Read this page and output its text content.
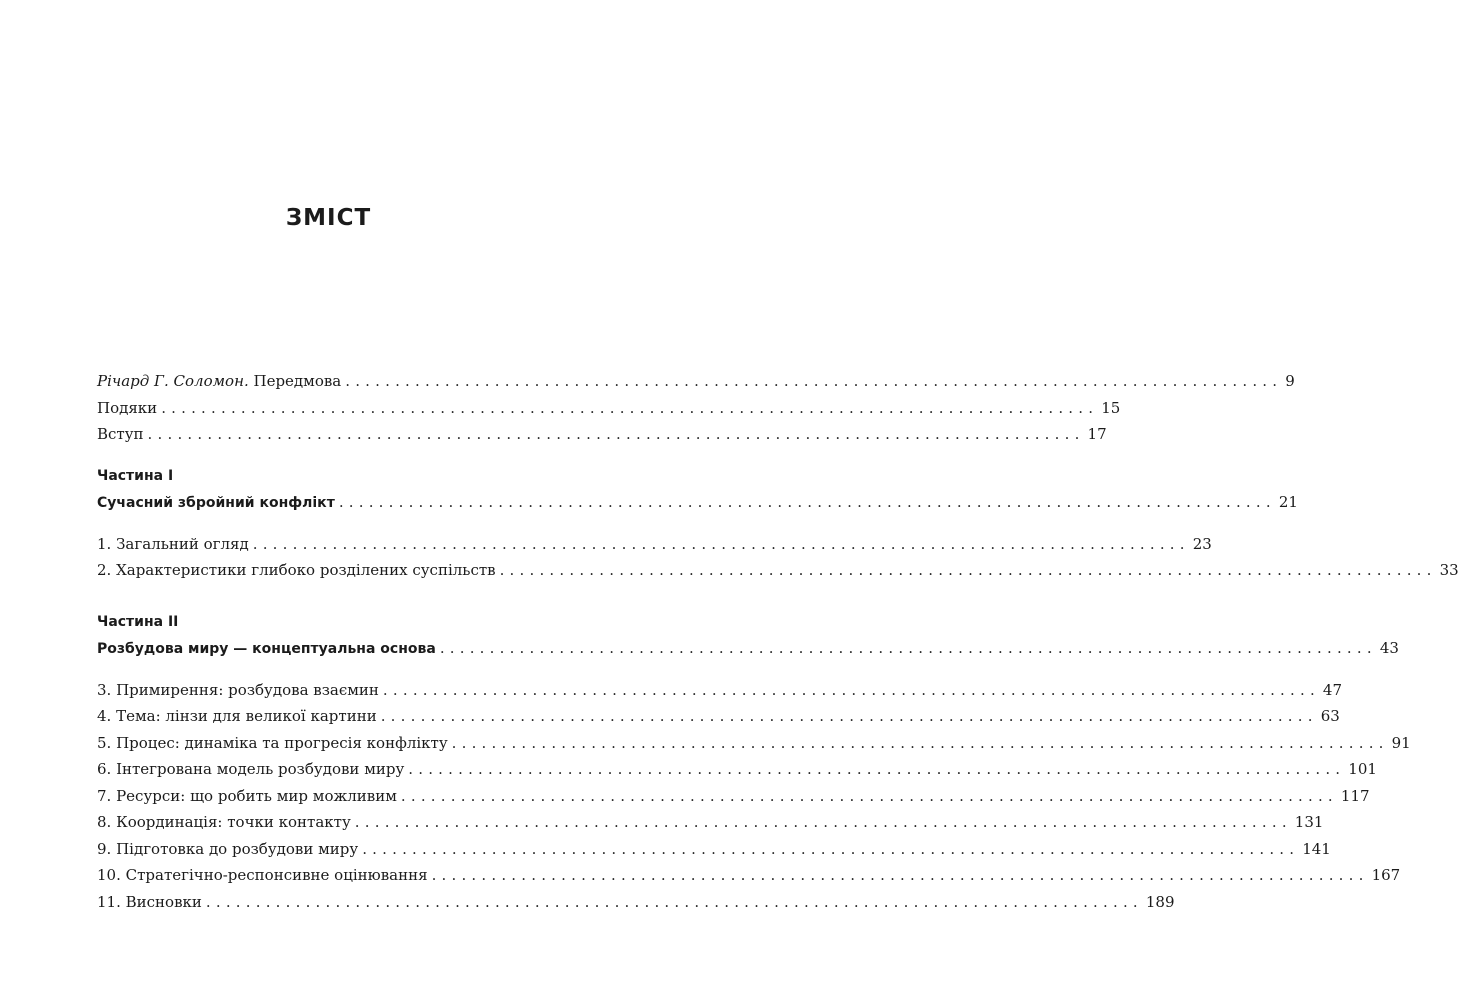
ЗМІСТ
Річард Г. Соломон. Передмова .............................................................................................. 9
Подяки .............................................................................................. 15
Вступ .............................................................................................. 17
Частина I
Сучасний збройний конфлікт .............................................................................................. 21
1. Загальний огляд .............................................................................................. 23
2. Характеристики глибоко розділених суспільств .............................................................................................. 33
Частина II
Розбудова миру — концептуальна основа .............................................................................................. 43
3. Примирення: розбудова взаємин .............................................................................................. 47
4. Тема: лінзи для великої картини .............................................................................................. 63
5. Процес: динаміка та прогресія конфлікту .............................................................................................. 91
6. Інтегрована модель розбудови миру .............................................................................................. 101
7. Ресурси: що робить мир можливим .............................................................................................. 117
8. Координація: точки контакту .............................................................................................. 131
9. Підготовка до розбудови миру .............................................................................................. 141
10. Стратегічно-респонсивне оцінювання .............................................................................................. 167
11. Висновки .............................................................................................. 189
